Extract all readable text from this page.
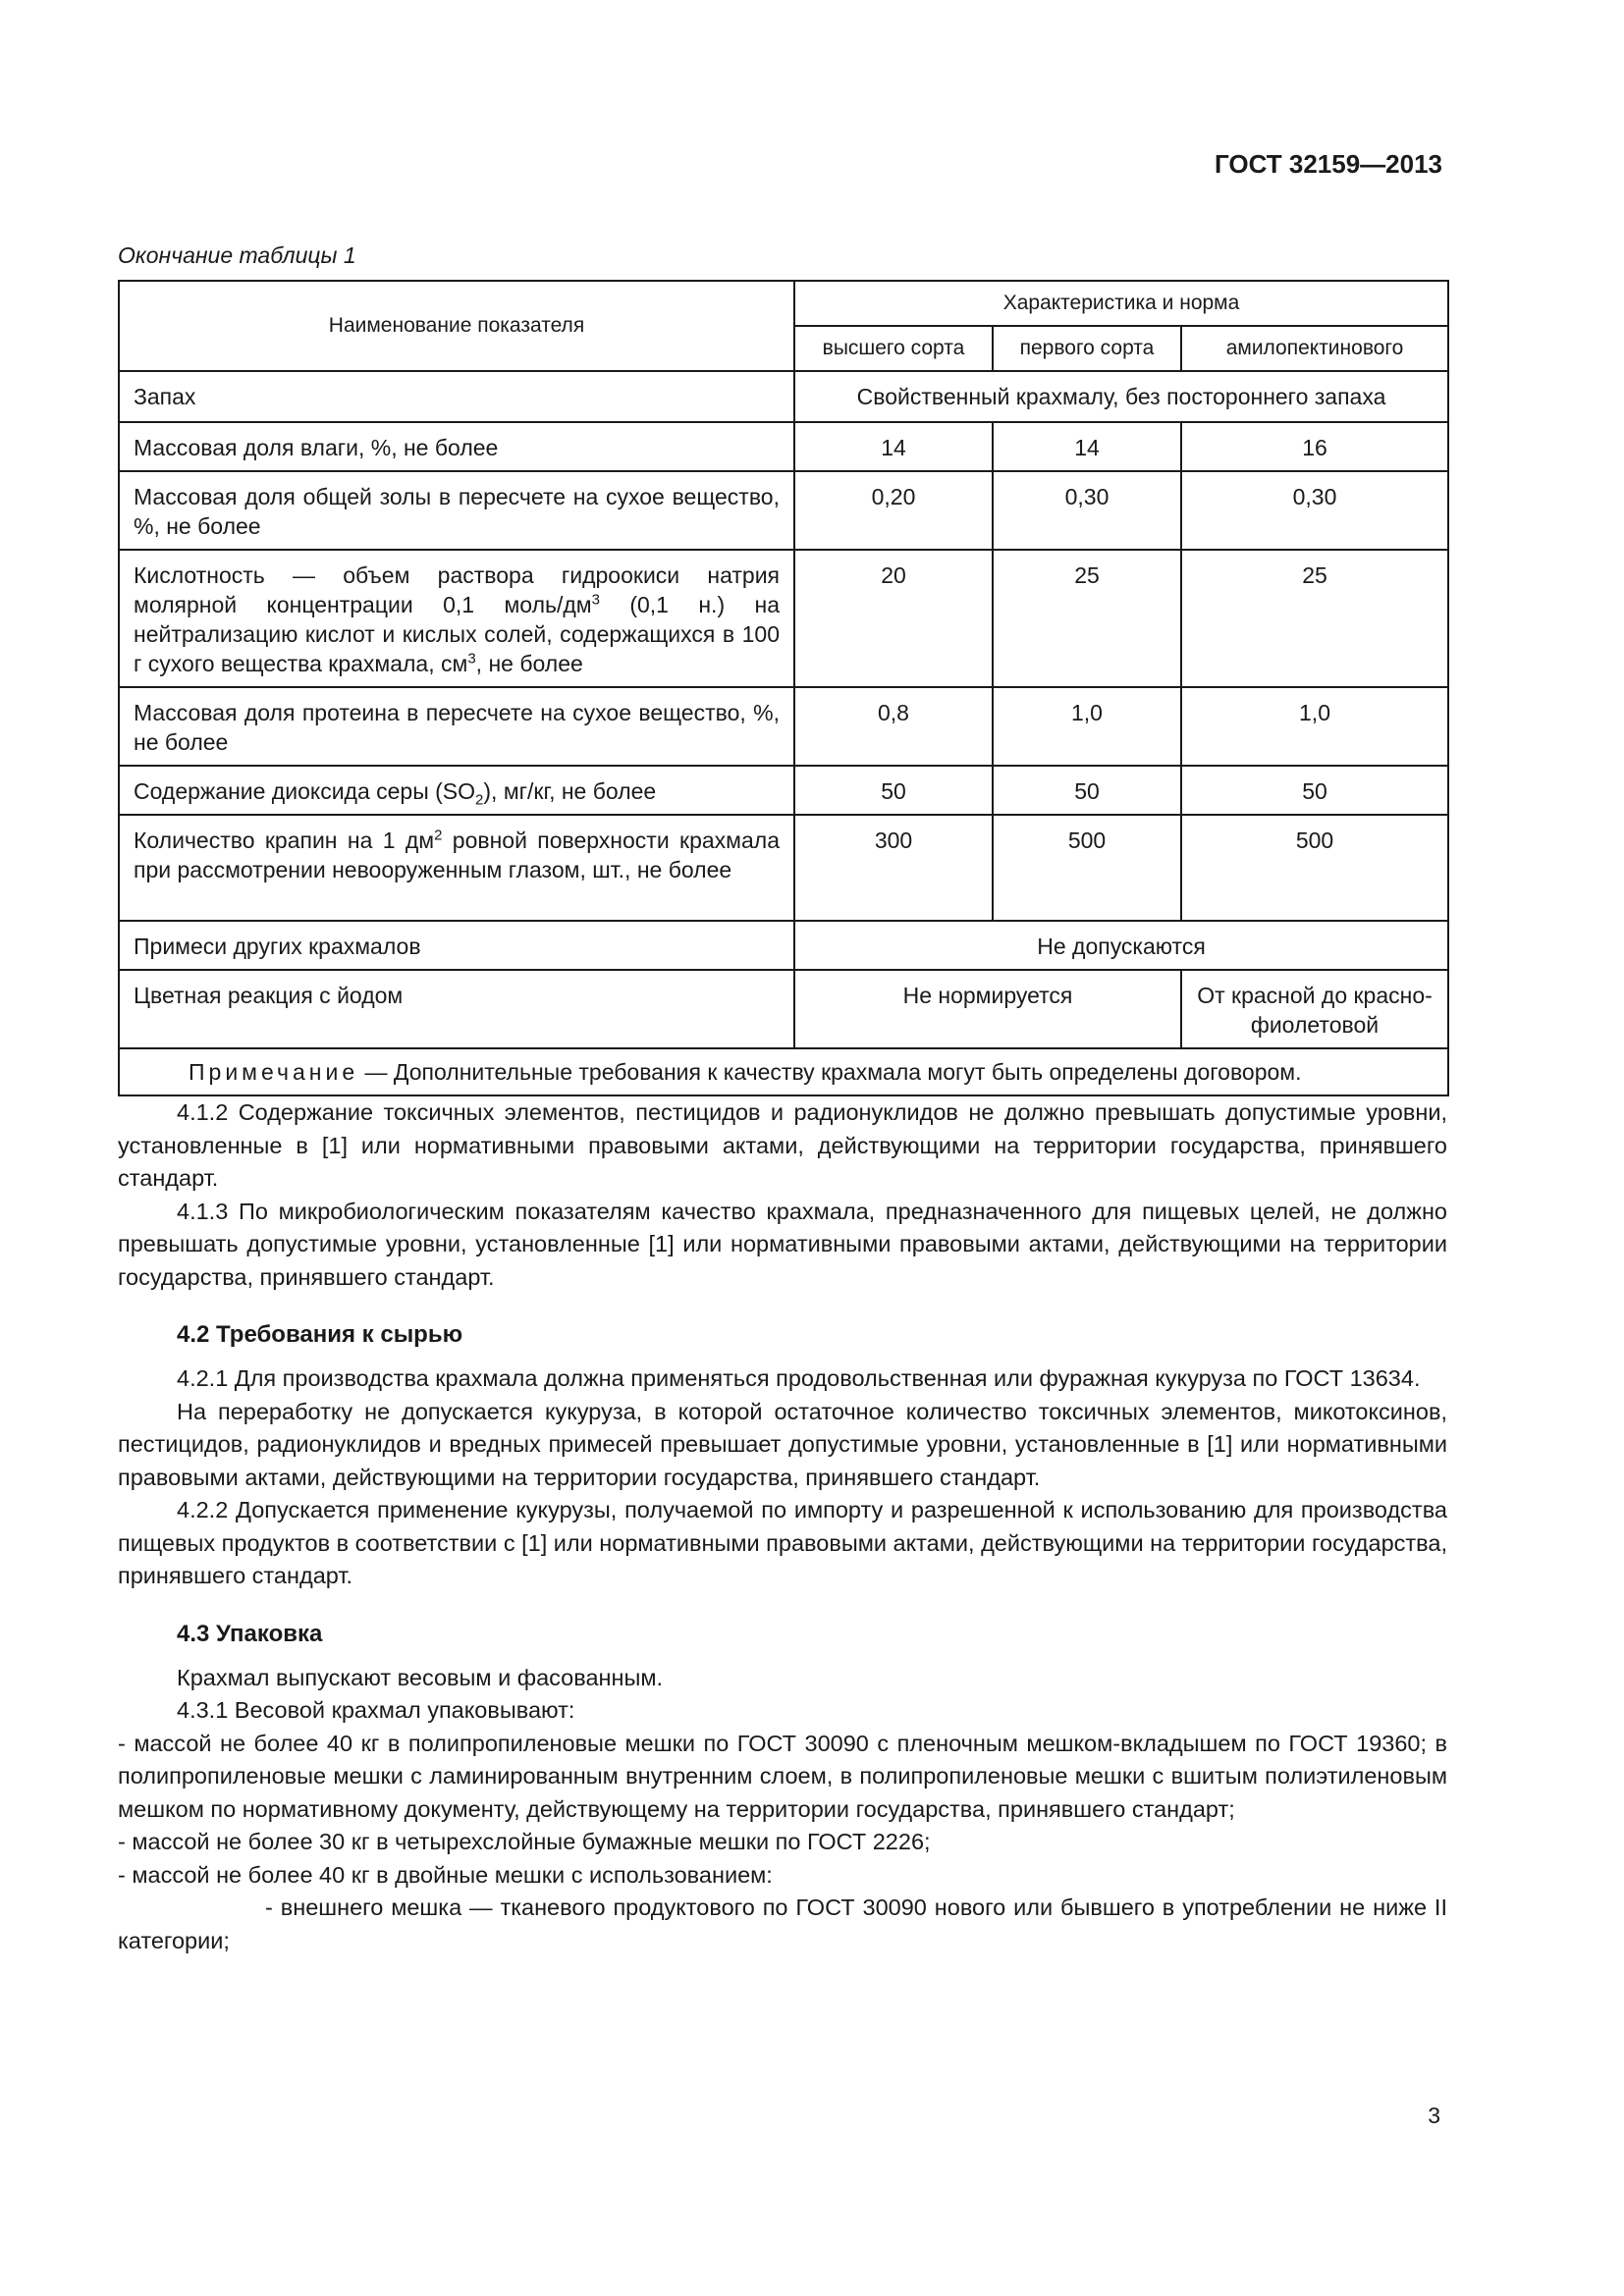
ГОСТ 32159—2013
Окончание таблицы 1
Наименование показателя	Характеристика и норма		
	высшего сорта	первого сорта	амилопектинового
Запах	Свойственный крахмалу, без постороннего запаха		
Массовая доля влаги, %, не более	14	14	16
Массовая доля общей золы в пересчете на сухое вещество, %, не более	0,20	0,30	0,30
Кислотность — объем раствора гидроокиси натрия молярной концентрации 0,1 моль/$дм^3$ (0,1 н.) на нейтрализацию кислот и кислых солей, содержащихся в 100 г сухого вещества крахмала, $см^3$, не более	20	25	25
Массовая доля протеина в пересчете на сухое вещество, %, не более	0,8	1,0	1,0
Содержание диоксида серы $(SO_2)$, мг/кг, не более	50	50	50
Количество крапин на 1 $дм^2$ ровной поверхности крахмала при рассмотрении невооруженным глазом, шт., не более	300	500	500
Примеси других крахмалов	Не допускаются		
Цветная реакция с йодом	Не нормируется		От красной до красно-фиолетовой
Примечание — Дополнительные требования к качеству крахмала могут быть определены договором.			

4.1.2 Содержание токсичных элементов, пестицидов и радионуклидов не должно превышать допустимые уровни, установленные в [1] или нормативными правовыми актами, действующими на территории государства, принявшего стандарт.

4.1.3 По микробиологическим показателям качество крахмала, предназначенного для пищевых целей, не должно превышать допустимые уровни, установленные [1] или нормативными правовыми актами, действующими на территории государства, принявшего стандарт.

4.2 Требования к сырью

4.2.1 Для производства крахмала должна применяться продовольственная или фуражная кукуруза по ГОСТ 13634.

На переработку не допускается кукуруза, в которой остаточное количество токсичных элементов, микотоксинов, пестицидов, радионуклидов и вредных примесей превышает допустимые уровни, установленные в [1] или нормативными правовыми актами, действующими на территории государства, принявшего стандарт.

4.2.2 Допускается применение кукурузы, получаемой по импорту и разрешенной к использованию для производства пищевых продуктов в соответствии с [1] или нормативными правовыми актами, действующими на территории государства, принявшего стандарт.

4.3 Упаковка

Крахмал выпускают весовым и фасованным.

4.3.1 Весовой крахмал упаковывают:

- массой не более 40 кг в полипропиленовые мешки по ГОСТ 30090 с пленочным мешком-вкладышем по ГОСТ 19360; в полипропиленовые мешки с ламинированным внутренним слоем, в полипропиленовые мешки с вшитым полиэтиленовым мешком по нормативному документу, действующему на территории государства, принявшего стандарт;

- массой не более 30 кг в четырехслойные бумажные мешки по ГОСТ 2226;

- массой не более 40 кг в двойные мешки с использованием:

- внешнего мешка — тканевого продуктового по ГОСТ 30090 нового или бывшего в употреблении не ниже II категории;

3
